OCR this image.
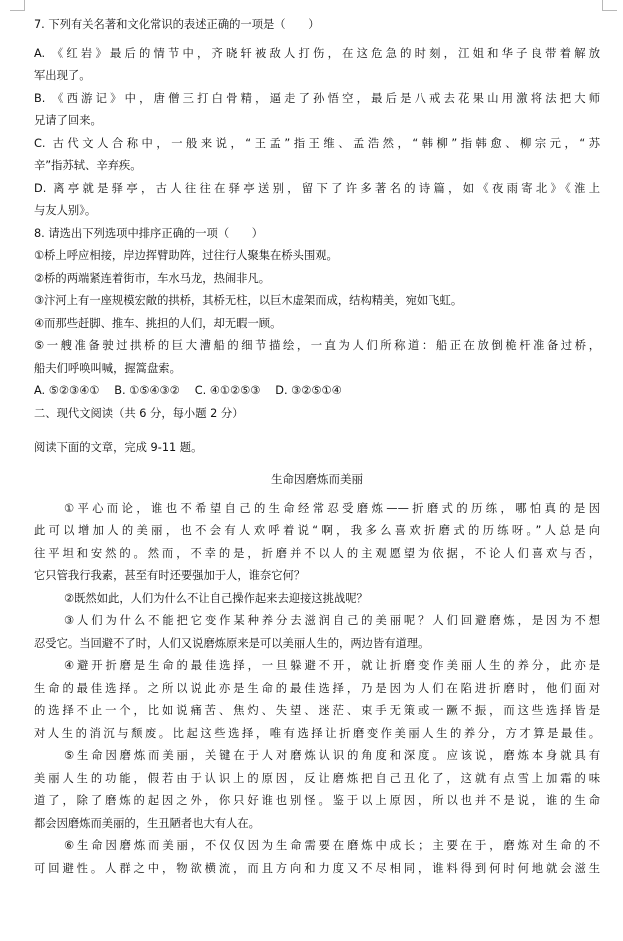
7. 下列有关名著和文化常识的表述正确的一项是（　　）
A. 《红岩》最后的情节中，齐晓轩被敌人打伤，在这危急的时刻，江姐和华子良带着解放
军出现了。
B. 《西游记》中，唐僧三打白骨精，逼走了孙悟空，最后是八戒去花果山用激将法把大师
兄请了回来。
C. 古代文人合称中，一般来说，“王孟”指王维、孟浩然，“韩柳”指韩愈、柳宗元，“苏
辛”指苏轼、辛弃疾。
D. 离亭就是驿亭，古人往往在驿亭送别，留下了许多著名的诗篇，如《夜雨寄北》《淮上
与友人别》。
8. 请选出下列选项中排序正确的一项（　　）
①桥上呼应相接，岸边挥臂助阵，过往行人聚集在桥头围观。
②桥的两端紧连着街市，车水马龙，热闹非凡。
③汴河上有一座规模宏敞的拱桥，其桥无柱，以巨木虚架而成，结构精美，宛如飞虹。
④而那些赶脚、推车、挑担的人们，却无暇一顾。
⑤一艘准备驶过拱桥的巨大漕船的细节描绘，一直为人们所称道：船正在放倒桅杆准备过桥，
船夫们呼唤叫喊，握篙盘索。
A. ⑤②③④①　 B. ①⑤④③②　 C. ④①②⑤③　 D. ③②⑤①④
二、现代文阅读（共 6 分，每小题 2 分）
阅读下面的文章，完成 9-11 题。
生命因磨炼而美丽
①平心而论，谁也不希望自己的生命经常忍受磨炼——折磨式的历练，哪怕真的是因
此可以增加人的美丽，也不会有人欢呼着说“啊，我多么喜欢折磨式的历练呀。”人总是向
往平坦和安然的。然而，不幸的是，折磨并不以人的主观愿望为依据，不论人们喜欢与否，
它只管我行我素，甚至有时还要强加于人，谁奈它何？
②既然如此，人们为什么不让自己操作起来去迎接这挑战呢？
③人们为什么不能把它变作某种养分去滋润自己的美丽呢？人们回避磨炼，是因为不想
忍受它。当回避不了时，人们又说磨炼原来是可以美丽人生的，两边皆有道理。
④避开折磨是生命的最佳选择，一旦躲避不开，就让折磨变作美丽人生的养分，此亦是
生命的最佳选择。之所以说此亦是生命的最佳选择，乃是因为人们在陷进折磨时，他们面对
的选择不止一个，比如说痛苦、焦灼、失望、迷茫、束手无策或一蹶不振，而这些选择皆是
对人生的消沉与颓废。比起这些选择，唯有选择让折磨变作美丽人生的养分，方才算是最佳。
⑤生命因磨炼而美丽，关键在于人对磨炼认识的角度和深度。应该说，磨炼本身就具有
美丽人生的功能，假若由于认识上的原因，反让磨炼把自己丑化了，这就有点雪上加霜的味
道了，除了磨炼的起因之外，你只好谁也别怪。鉴于以上原因，所以也并不是说，谁的生命
都会因磨炼而美丽的，生丑陋者也大有人在。
⑥生命因磨炼而美丽，不仅仅因为生命需要在磨炼中成长；主要在于，磨炼对生命的不
可回避性。人群之中，物欲横流，而且方向和力度又不尽相同，谁料得到何时何地就会滋生
